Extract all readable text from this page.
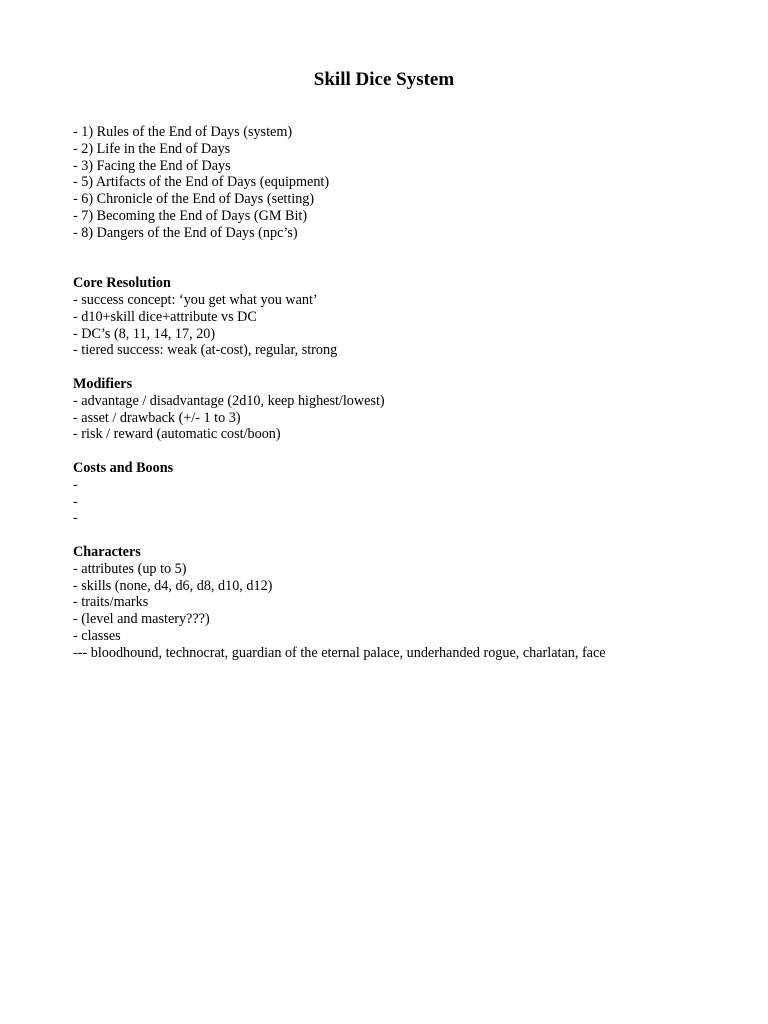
Skill Dice System
- 1) Rules of the End of Days (system)
- 2) Life in the End of Days
- 3) Facing the End of Days
- 5) Artifacts of the End of Days (equipment)
- 6) Chronicle of the End of Days (setting)
- 7) Becoming the End of Days (GM Bit)
- 8) Dangers of the End of Days (npc’s)
Core Resolution
- success concept: ‘you get what you want’
- d10+skill dice+attribute vs DC
- DC’s (8, 11, 14, 17, 20)
- tiered success: weak (at-cost), regular, strong
Modifiers
- advantage / disadvantage (2d10, keep highest/lowest)
- asset / drawback (+/- 1 to 3)
- risk / reward (automatic cost/boon)
Costs and Boons
-
-
-
Characters
- attributes (up to 5)
- skills (none, d4, d6, d8, d10, d12)
- traits/marks
- (level and mastery???)
- classes
--- bloodhound, technocrat, guardian of the eternal palace, underhanded rogue, charlatan, face
